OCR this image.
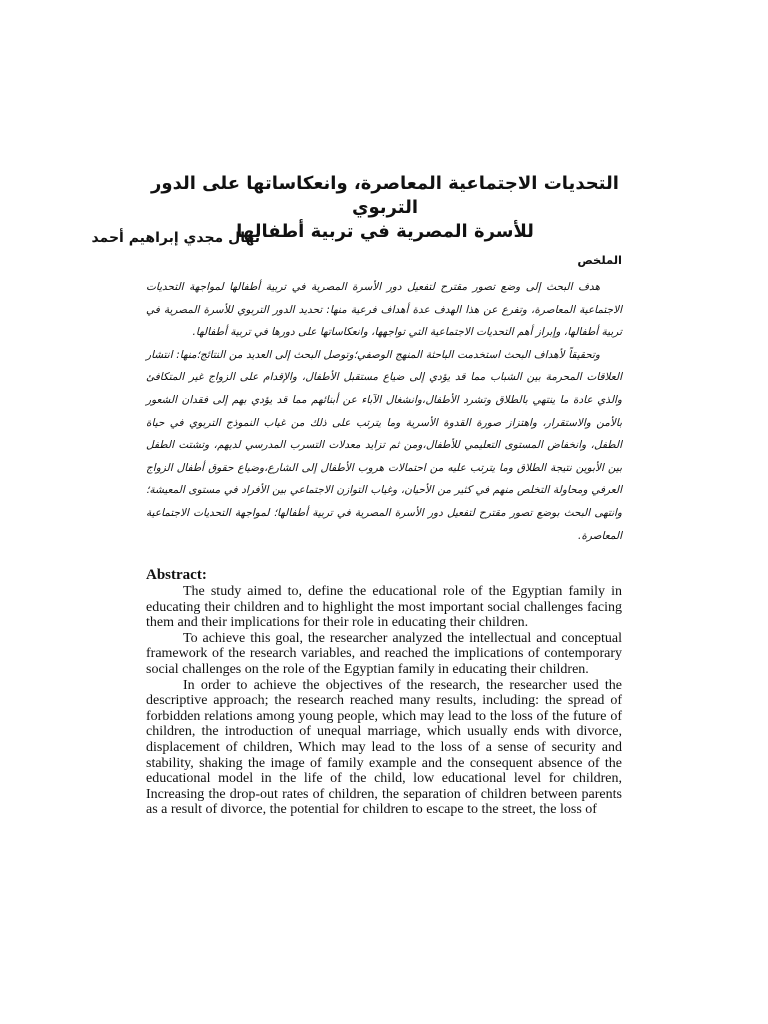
التحديات الاجتماعية المعاصرة، وانعكاساتها على الدور التربوي
للأسرة المصرية في تربية أطفالها
نهال مجدي إبراهيم أحمد
الملخص

هدف البحث إلى وضع تصور مقترح لتفعيل دور الأسرة المصرية في تربية أطفالها لمواجهة التحديات الاجتماعية المعاصرة، وتفرع عن هذا الهدف عدة أهداف فرعية منها: تحديد الدور التربوي للأسرة المصرية في تربية أطفالها، وإبراز أهم التحديات الاجتماعية التي تواجهها، وانعكاساتها على دورها في تربية أطفالها.

وتحقيقاً لأهداف البحث استخدمت الباحثة المنهج الوصفي؛وتوصل البحث إلى العديد من النتائج؛منها: انتشار العلاقات المحرمة بين الشباب مما قد يؤدي إلى ضياع مستقبل الأطفال، والإقدام على الزواج غير المتكافئ والذي عادة ما ينتهي بالطلاق وتشرد الأطفال،وانشغال الآباء عن أبنائهم مما قد يؤدي بهم إلى فقدان الشعور بالأمن والاستقرار، واهتزاز صورة القدوة الأسرية وما يترتب على ذلك من غياب النموذج التربوي في حياة الطفل، وانخفاض المستوى التعليمي للأطفال،ومن ثم تزايد معدلات التسرب المدرسي لديهم، وتشتت الطفل بين الأبوين نتيجة الطلاق وما يترتب عليه من احتمالات هروب الأطفال إلى الشارع،وضياع حقوق أطفال الزواج العرفي ومحاولة التخلص منهم في كثير من الأحيان، وغياب التوازن الاجتماعي بين الأفراد في مستوى المعيشة؛ وانتهى البحث بوضع تصور مقترح لتفعيل دور الأسرة المصرية في تربية أطفالها؛ لمواجهة التحديات الاجتماعية المعاصرة.

Abstract:

The study aimed to, define the educational role of the Egyptian family in educating their children and to highlight the most important social challenges facing them and their implications for their role in educating their children.

To achieve this goal, the researcher analyzed the intellectual and conceptual framework of the research variables, and reached the implications of contemporary social challenges on the role of the Egyptian family in educating their children.

In order to achieve the objectives of the research, the researcher used the descriptive approach; the research reached many results, including: the spread of forbidden relations among young people, which may lead to the loss of the future of children, the introduction of unequal marriage, which usually ends with divorce, displacement of children, Which may lead to the loss of a sense of security and stability, shaking the image of family example and the consequent absence of the educational model in the life of the child, low educational level for children, Increasing the drop-out rates of children, the separation of children between parents as a result of divorce, the potential for children to escape to the street, the loss of
